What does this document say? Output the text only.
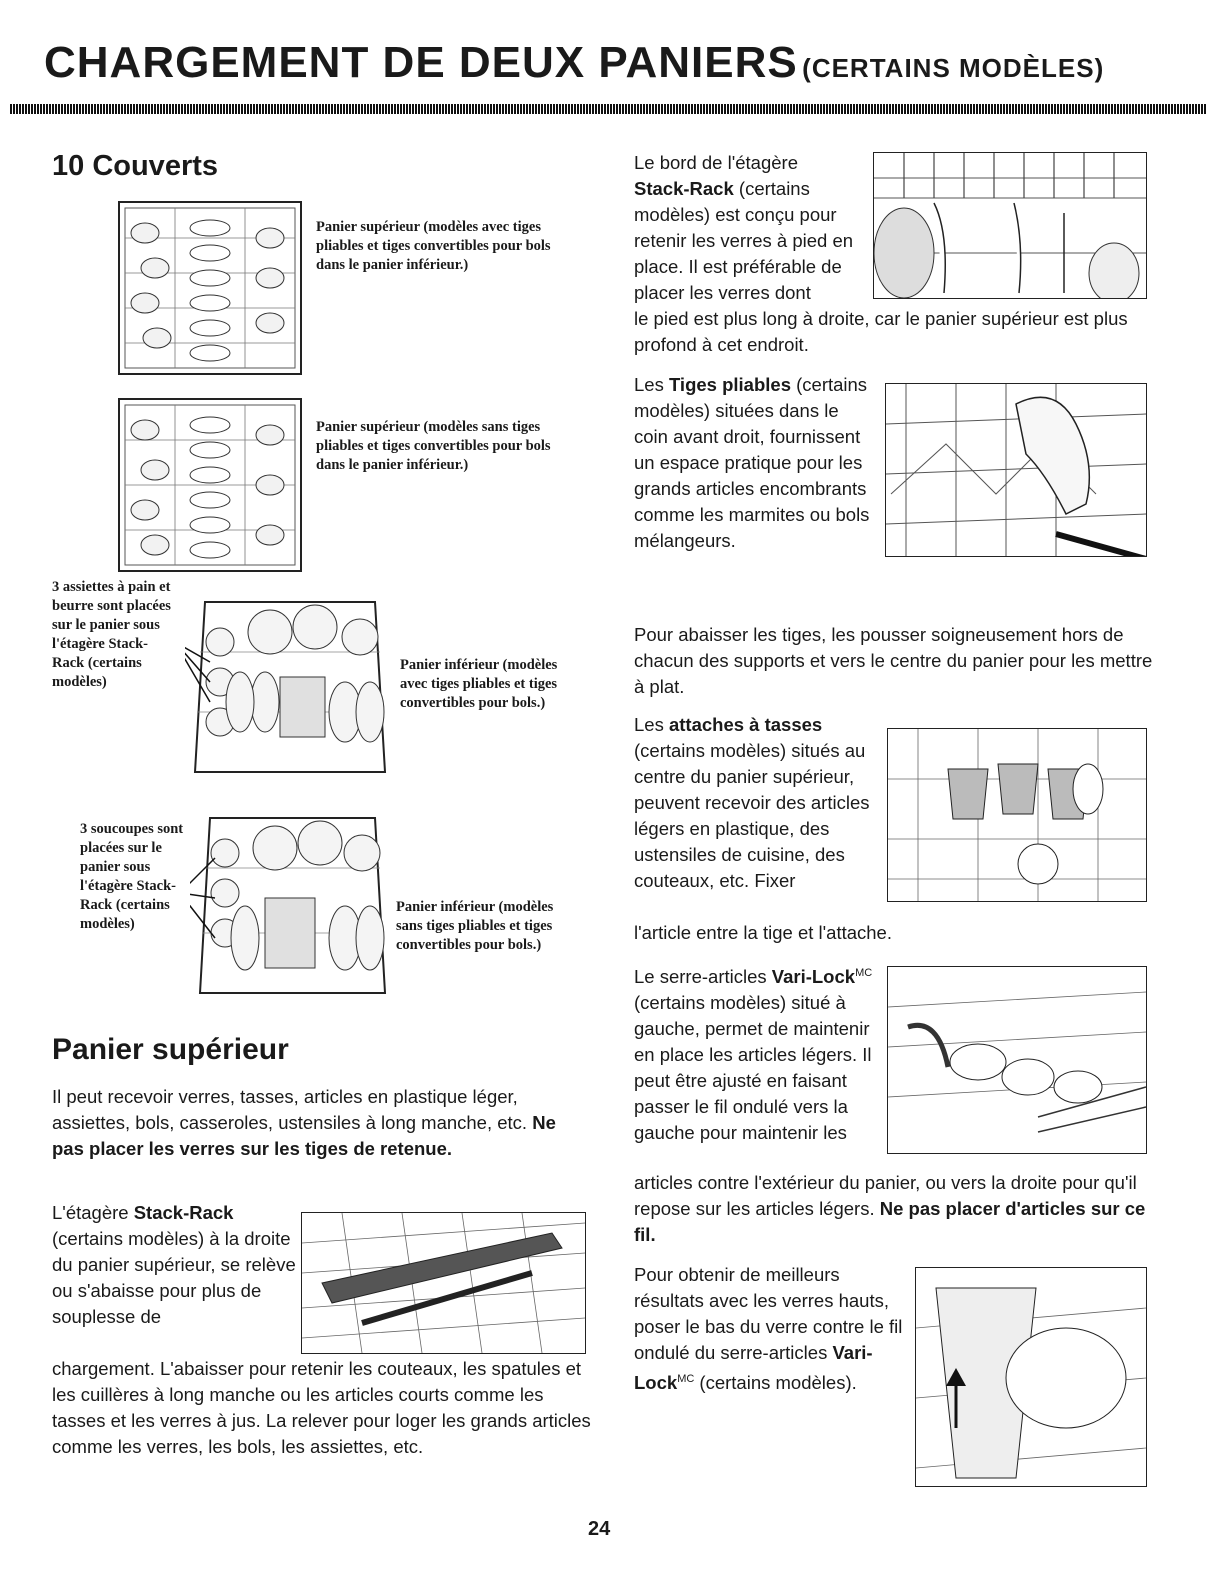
CHARGEMENT DE DEUX PANIERS (CERTAINS MODÈLES)
10 Couverts
Panier supérieur (modèles avec tiges pliables et tiges convertibles pour bols dans le panier inférieur.)
Panier supérieur (modèles sans tiges pliables et tiges convertibles pour bols dans le panier inférieur.)
3 assiettes à pain et beurre sont placées sur le panier sous l'étagère Stack-Rack (certains modèles)
Panier inférieur (modèles avec tiges pliables et tiges convertibles pour bols.)
3 soucoupes sont placées sur le panier sous l'étagère Stack-Rack (certains modèles)
Panier inférieur (modèles sans tiges pliables et tiges convertibles pour bols.)
Panier supérieur
Il peut recevoir verres, tasses, articles en plastique léger, assiettes, bols, casseroles, ustensiles à long manche, etc. Ne pas placer les verres sur les tiges de retenue.
L'étagère Stack-Rack (certains modèles) à la droite du panier supérieur, se relève ou s'abaisse pour plus de souplesse de
chargement. L'abaisser pour retenir les couteaux, les spatules et les cuillères à long manche ou les articles courts comme les tasses et les verres à jus. La relever pour loger les grands articles comme les verres, les bols, les assiettes, etc.
Le bord de l'étagère
Stack-Rack (certains modèles) est conçu pour retenir les verres à pied en place. Il est préférable de placer les verres dont
le pied est plus long à droite, car le panier supérieur est plus profond à cet endroit.
Les Tiges pliables (certains modèles) situées dans le coin avant droit, fournissent un espace pratique pour les grands articles encombrants comme les marmites ou bols mélangeurs.
Pour abaisser les tiges, les pousser soigneusement hors de chacun des supports et vers le centre du panier pour les mettre à plat.
Les attaches à tasses (certains modèles) situés au centre du panier supérieur, peuvent recevoir des articles légers en plastique, des ustensiles de cuisine, des couteaux, etc. Fixer
l'article entre la tige et l'attache.
Le serre-articles Vari-Lock$^{MC}$ (certains modèles) situé à gauche, permet de maintenir en place les articles légers. Il peut être ajusté en faisant passer le fil ondulé vers la gauche pour maintenir les
articles contre l'extérieur du panier, ou vers la droite pour qu'il repose sur les articles légers. Ne pas placer d'articles sur ce fil.
Pour obtenir de meilleurs résultats avec les verres hauts, poser le bas du verre contre le fil ondulé du serre-articles Vari-Lock$^{MC}$ (certains modèles).
24
